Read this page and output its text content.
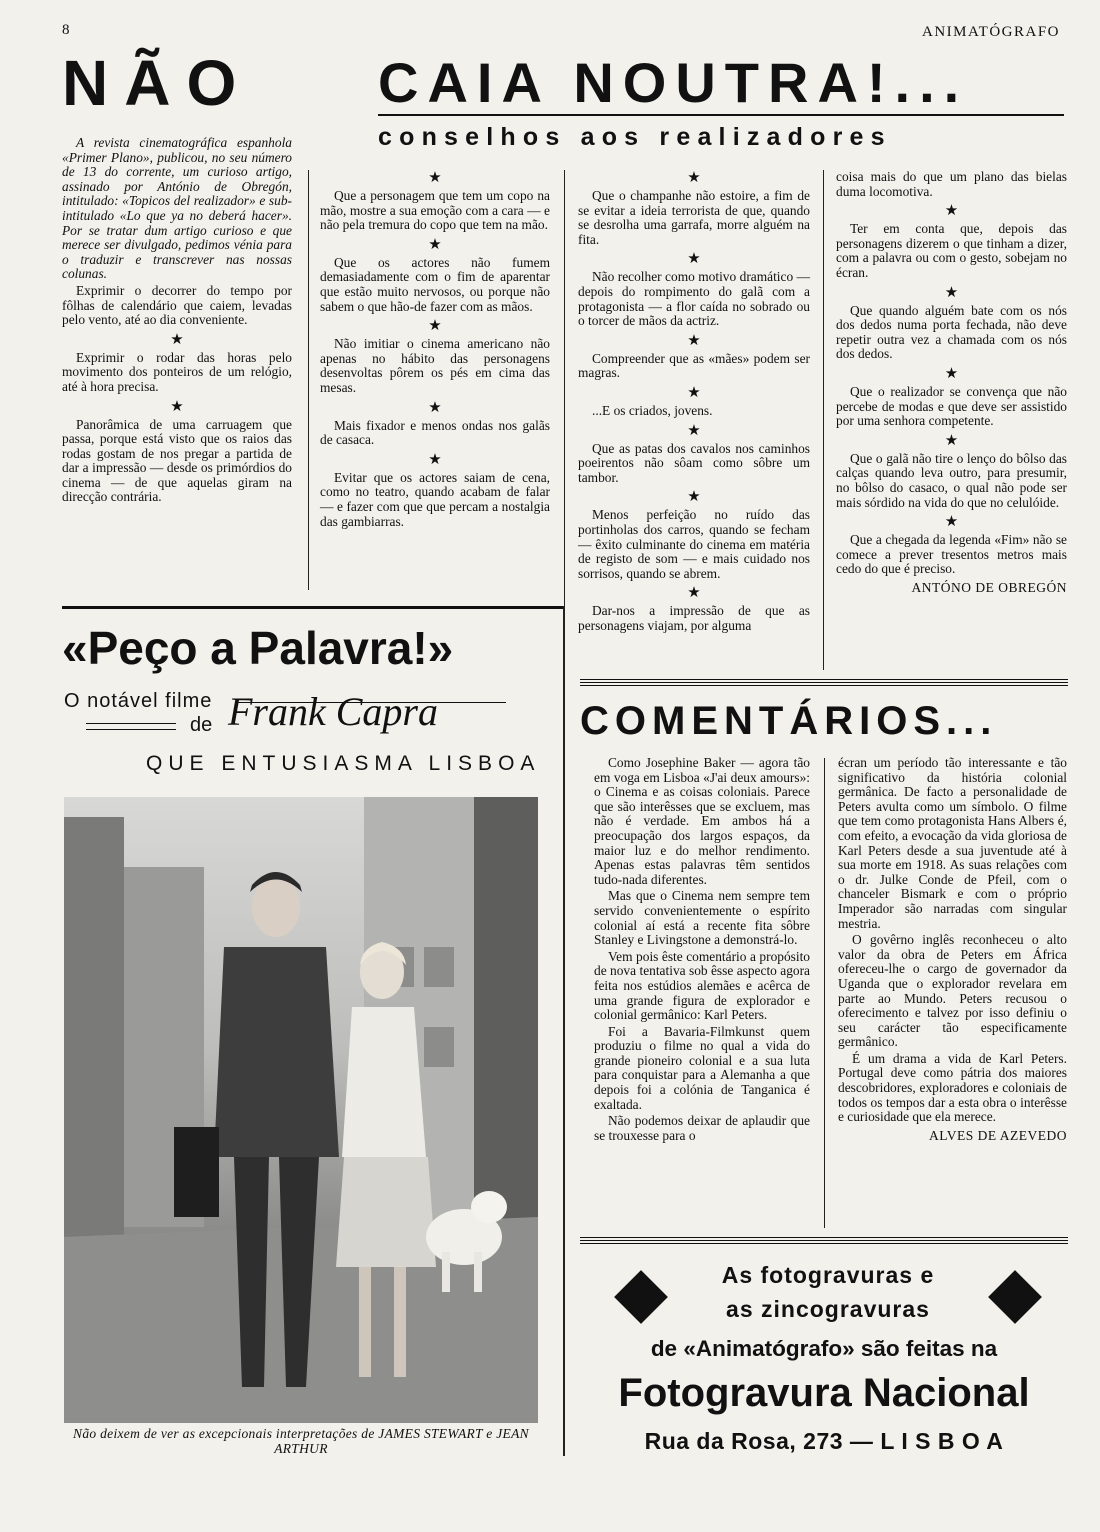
8	ANIMATÓGRAFO
NÃO CAIA NOUTRA!...
conselhos aos realizadores

A revista cinematográfica espanhola «Primer Plano», publicou, no seu número de 13 do corrente, um curioso artigo, assinado por António de Obregón, intitulado: «Topicos del realizador» e sub-intitulado «Lo que ya no deberá hacer». Por se tratar dum artigo curioso e que merece ser divulgado, pedimos vénia para o traduzir e transcrever nas nossas colunas.

Exprimir o decorrer do tempo por fôlhas de calendário que caiem, levadas pelo vento, até ao dia conveniente.

★

Exprimir o rodar das horas pelo movimento dos ponteiros de um relógio, até à hora precisa.

★

Panorâmica de uma carruagem que passa, porque está visto que os raios das rodas gostam de nos pregar a partida de dar a impressão — desde os primórdios do cinema — de que aquelas giram na direcção contrária.

★

Que a personagem que tem um copo na mão, mostre a sua emoção com a cara — e não pela tremura do copo que tem na mão.

★

Que os actores não fumem demasiadamente com o fim de aparentar que estão muito nervosos, ou porque não sabem o que hão-de fazer com as mãos.

★

Não imitiar o cinema americano não apenas no hábito das personagens desenvoltas pôrem os pés em cima das mesas.

★

Mais fixador e menos ondas nos galãs de casaca.

★

Evitar que os actores saiam de cena, como no teatro, quando acabam de falar — e fazer com que que percam a nostalgia das gambiarras.

★

Que o champanhe não estoire, a fim de se evitar a ideia terrorista de que, quando se desrolha uma garrafa, morre alguém na fita.

★

Não recolher como motivo dramático — depois do rompimento do galã com a protagonista — a flor caída no sobrado ou o torcer de mãos da actriz.

★

Compreender que as «mães» podem ser magras.

★

...E os criados, jovens.

★

Que as patas dos cavalos nos caminhos poeirentos não sôam como sôbre um tambor.

★

Menos perfeição no ruído das portinholas dos carros, quando se fecham — êxito culminante do cinema em matéria de registo de som — e mais cuidado nos sorrisos, quando se abrem.

★

Dar-nos a impressão de que as personagens viajam, por alguma

coisa mais do que um plano das bielas duma locomotiva.

★

Ter em conta que, depois das personagens dizerem o que tinham a dizer, com a palavra ou com o gesto, sobejam no écran.

★

Que quando alguém bate com os nós dos dedos numa porta fechada, não deve repetir outra vez a chamada com os nós dos dedos.

★

Que o realizador se convença que não percebe de modas e que deve ser assistido por uma senhora competente.

★

Que o galã não tire o lenço do bôlso das calças quando leva outro, para presumir, no bôlso do casaco, o qual não pode ser mais sórdido na vida do que no celulóide.

★

Que a chegada da legenda «Fim» não se comece a prever tresentos metros mais cedo do que é preciso.

ANTÓNO DE OBREGÓN
«Peço a Palavra!»
O notável filme
de Frank Capra
QUE ENTUSIASMA LISBOA
Não deixem de ver as excepcionais interpretações de JAMES STEWART e JEAN ARTHUR
COMENTÁRIOS...

Como Josephine Baker — agora tão em voga em Lisboa «J'ai deux amours»: o Cinema e as coisas coloniais. Parece que são interêsses que se excluem, mas não é verdade. Em ambos há a preocupação dos largos espaços, da maior luz e do melhor rendimento. Apenas estas palavras têm sentidos tudo-nada diferentes.

Mas que o Cinema nem sempre tem servido convenientemente o espírito colonial aí está a recente fita sôbre Stanley e Livingstone a demonstrá-lo.

Vem pois êste comentário a propósito de nova tentativa sob êsse aspecto agora feita nos estúdios alemães e acêrca de uma grande figura de explorador e colonial germânico: Karl Peters.

Foi a Bavaria-Filmkunst quem produziu o filme no qual a vida do grande pioneiro colonial e a sua luta para conquistar para a Alemanha a que depois foi a colónia de Tanganica é exaltada.

Não podemos deixar de aplaudir que se trouxesse para o

écran um período tão interessante e tão significativo da história colonial germânica. De facto a personalidade de Peters avulta como um símbolo. O filme que tem como protagonista Hans Albers é, com efeito, a evocação da vida gloriosa de Karl Peters desde a sua juventude até à sua morte em 1918. As suas relações com o dr. Julke Conde de Pfeil, com o chanceler Bismark e com o próprio Imperador são narradas com singular mestria.

O govêrno inglês reconheceu o alto valor da obra de Peters em África ofereceu-lhe o cargo de governador da Uganda que o explorador revelara em parte ao Mundo. Peters recusou o oferecimento e talvez por isso definiu o seu carácter tão especificamente germânico.

É um drama a vida de Karl Peters. Portugal deve como pátria dos maiores descobridores, exploradores e coloniais de todos os tempos dar a esta obra o interêsse e curiosidade que ela merece.

ALVES DE AZEVEDO
As fotogravuras e
as zincogravuras
de «Animatógrafo» são feitas na
Fotogravura Nacional
Rua da Rosa, 273 — L I S B O A
